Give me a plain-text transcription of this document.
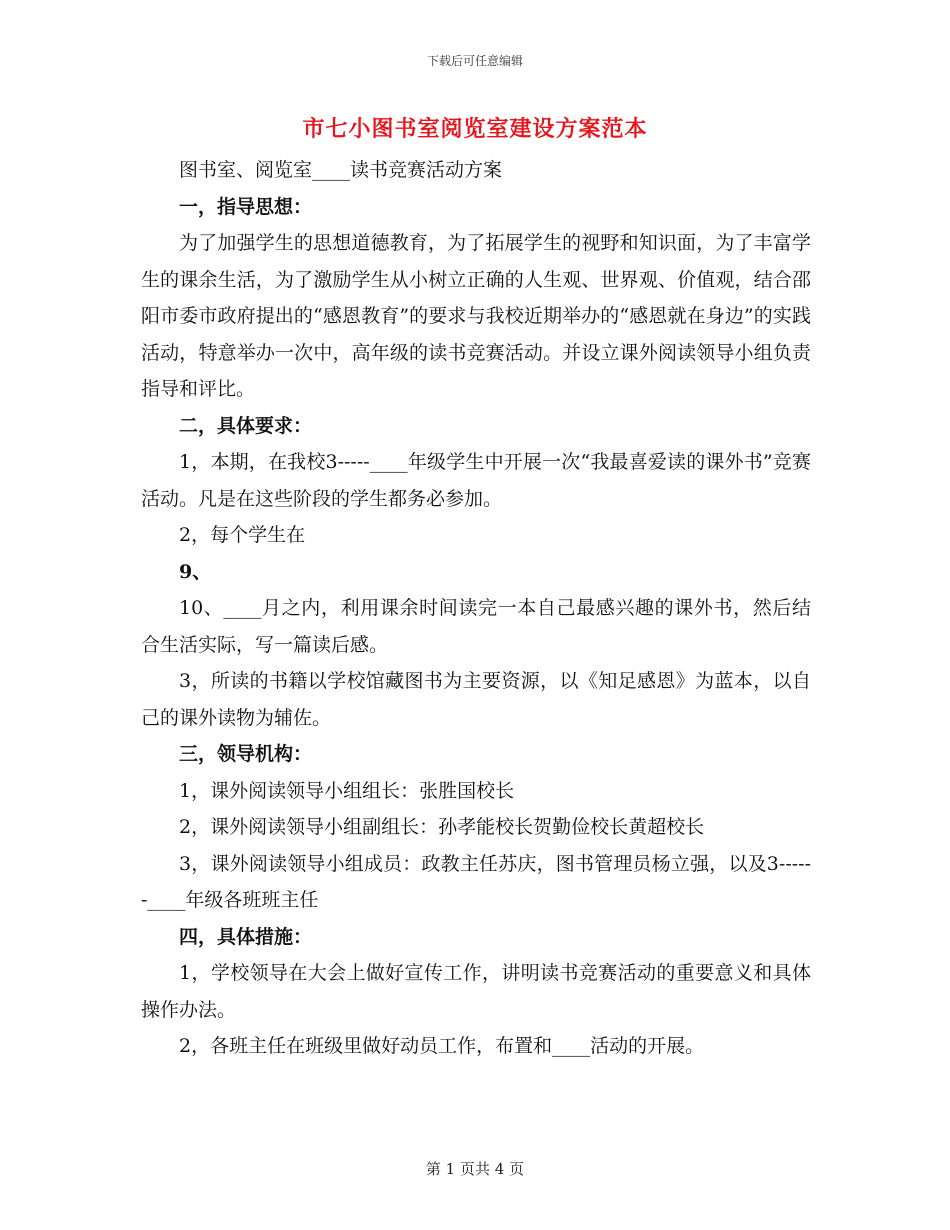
下载后可任意编辑
市七小图书室阅览室建设方案范本

图书室、阅览室____读书竞赛活动方案

一，指导思想：

为了加强学生的思想道德教育，为了拓展学生的视野和知识面，为了丰富学生的课余生活，为了激励学生从小树立正确的人生观、世界观、价值观，结合邵阳市委市政府提出的“感恩教育”的要求与我校近期举办的“感恩就在身边”的实践活动，特意举办一次中，高年级的读书竞赛活动。并设立课外阅读领导小组负责指导和评比。

二，具体要求：

1，本期，在我校3-----____年级学生中开展一次“我最喜爱读的课外书”竞赛活动。凡是在这些阶段的学生都务必参加。

2，每个学生在

9、

10、____月之内，利用课余时间读完一本自己最感兴趣的课外书，然后结合生活实际，写一篇读后感。

3，所读的书籍以学校馆藏图书为主要资源，以《知足感恩》为蓝本，以自己的课外读物为辅佐。

三，领导机构：

1，课外阅读领导小组组长：张胜国校长

2，课外阅读领导小组副组长：孙孝能校长贺勤俭校长黄超校长

3，课外阅读领导小组成员：政教主任苏庆，图书管理员杨立强，以及3------____年级各班班主任

四，具体措施：

1，学校领导在大会上做好宣传工作，讲明读书竞赛活动的重要意义和具体操作办法。

2，各班主任在班级里做好动员工作，布置和____活动的开展。

第 1 页共 4 页
